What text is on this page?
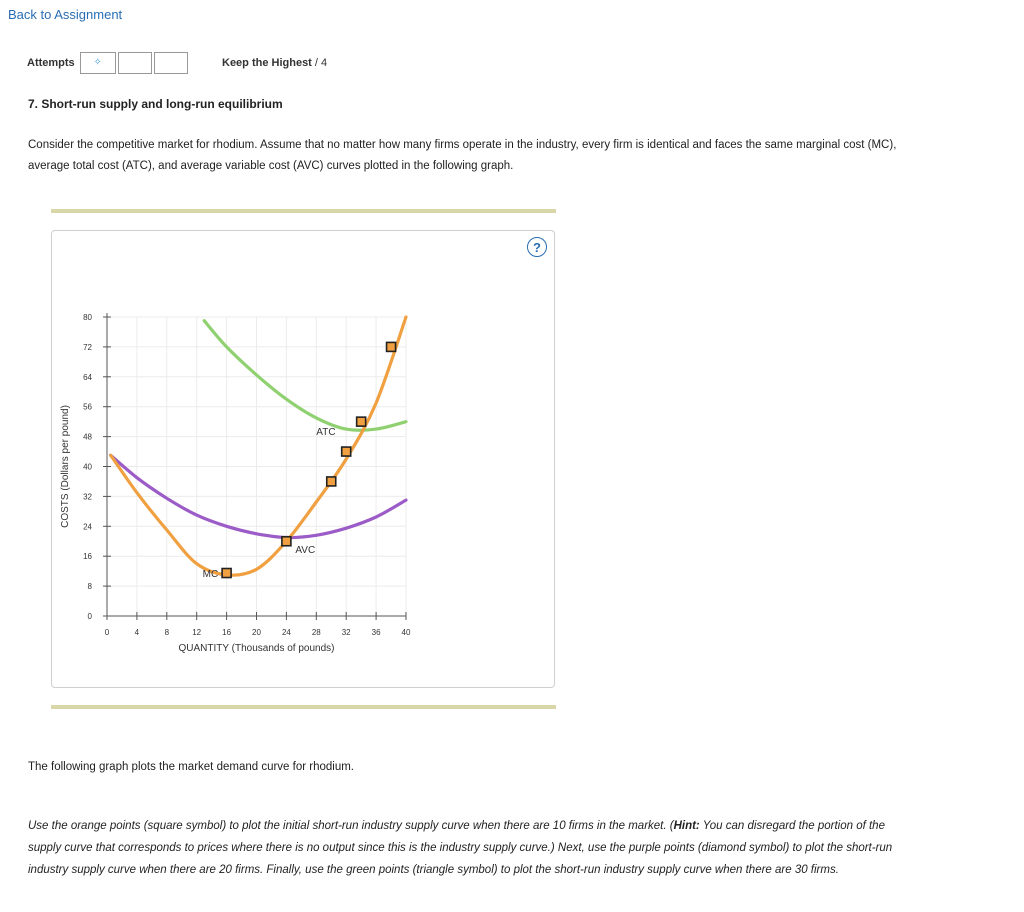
Back to Assignment
Attempts ✧	Keep the Highest / 4
7. Short-run supply and long-run equilibrium
Consider the competitive market for rhodium. Assume that no matter how many firms operate in the industry, every firm is identical and faces the same marginal cost (MC), average total cost (ATC), and average variable cost (AVC) curves plotted in the following graph.
?
0	4	8	12	16	20	24	28	32	36	40
0
8
16
24
32
40
48
56
64
72
80
QUANTITY (Thousands of pounds)
COSTS (Dollars per pound)
MC
ATC
AVC
The following graph plots the market demand curve for rhodium.
Use the orange points (square symbol) to plot the initial short-run industry supply curve when there are 10 firms in the market. (Hint: You can disregard the portion of the supply curve that corresponds to prices where there is no output since this is the industry supply curve.) Next, use the purple points (diamond symbol) to plot the short-run industry supply curve when there are 20 firms. Finally, use the green points (triangle symbol) to plot the short-run industry supply curve when there are 30 firms.
